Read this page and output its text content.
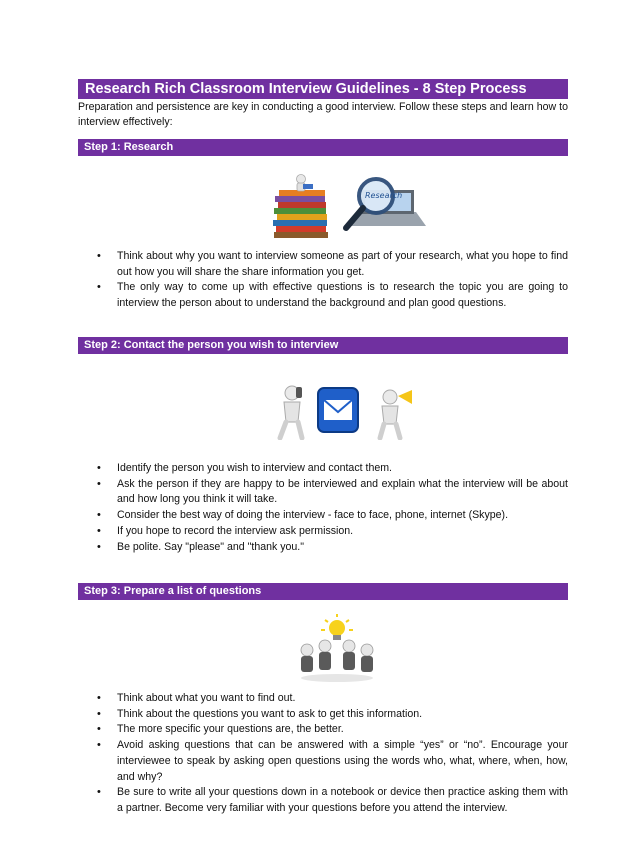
Research Rich Classroom Interview Guidelines - 8 Step Process
Preparation and persistence are key in conducting a good interview. Follow these steps and learn how to interview effectively:
Step 1: Research
Research
• Think about why you want to interview someone as part of your research, what you hope to find out how you will share the share information you get.
• The only way to come up with effective questions is to research the topic you are going to interview the person about to understand the background and plan good questions.
Step 2: Contact the person you wish to interview
• Identify the person you wish to interview and contact them.
• Ask the person if they are happy to be interviewed and explain what the interview will be about and how long you think it will take.
• Consider the best way of doing the interview - face to face, phone, internet (Skype).
• If you hope to record the interview ask permission.
• Be polite. Say "please" and "thank you."
Step 3: Prepare a list of questions
• Think about what you want to find out.
• Think about the questions you want to ask to get this information.
• The more specific your questions are, the better.
• Avoid asking questions that can be answered with a simple “yes” or “no”. Encourage your interviewee to speak by asking open questions using the words who, what, where, when, how, and why?
• Be sure to write all your questions down in a notebook or device then practice asking them with a partner. Become very familiar with your questions before you attend the interview.
